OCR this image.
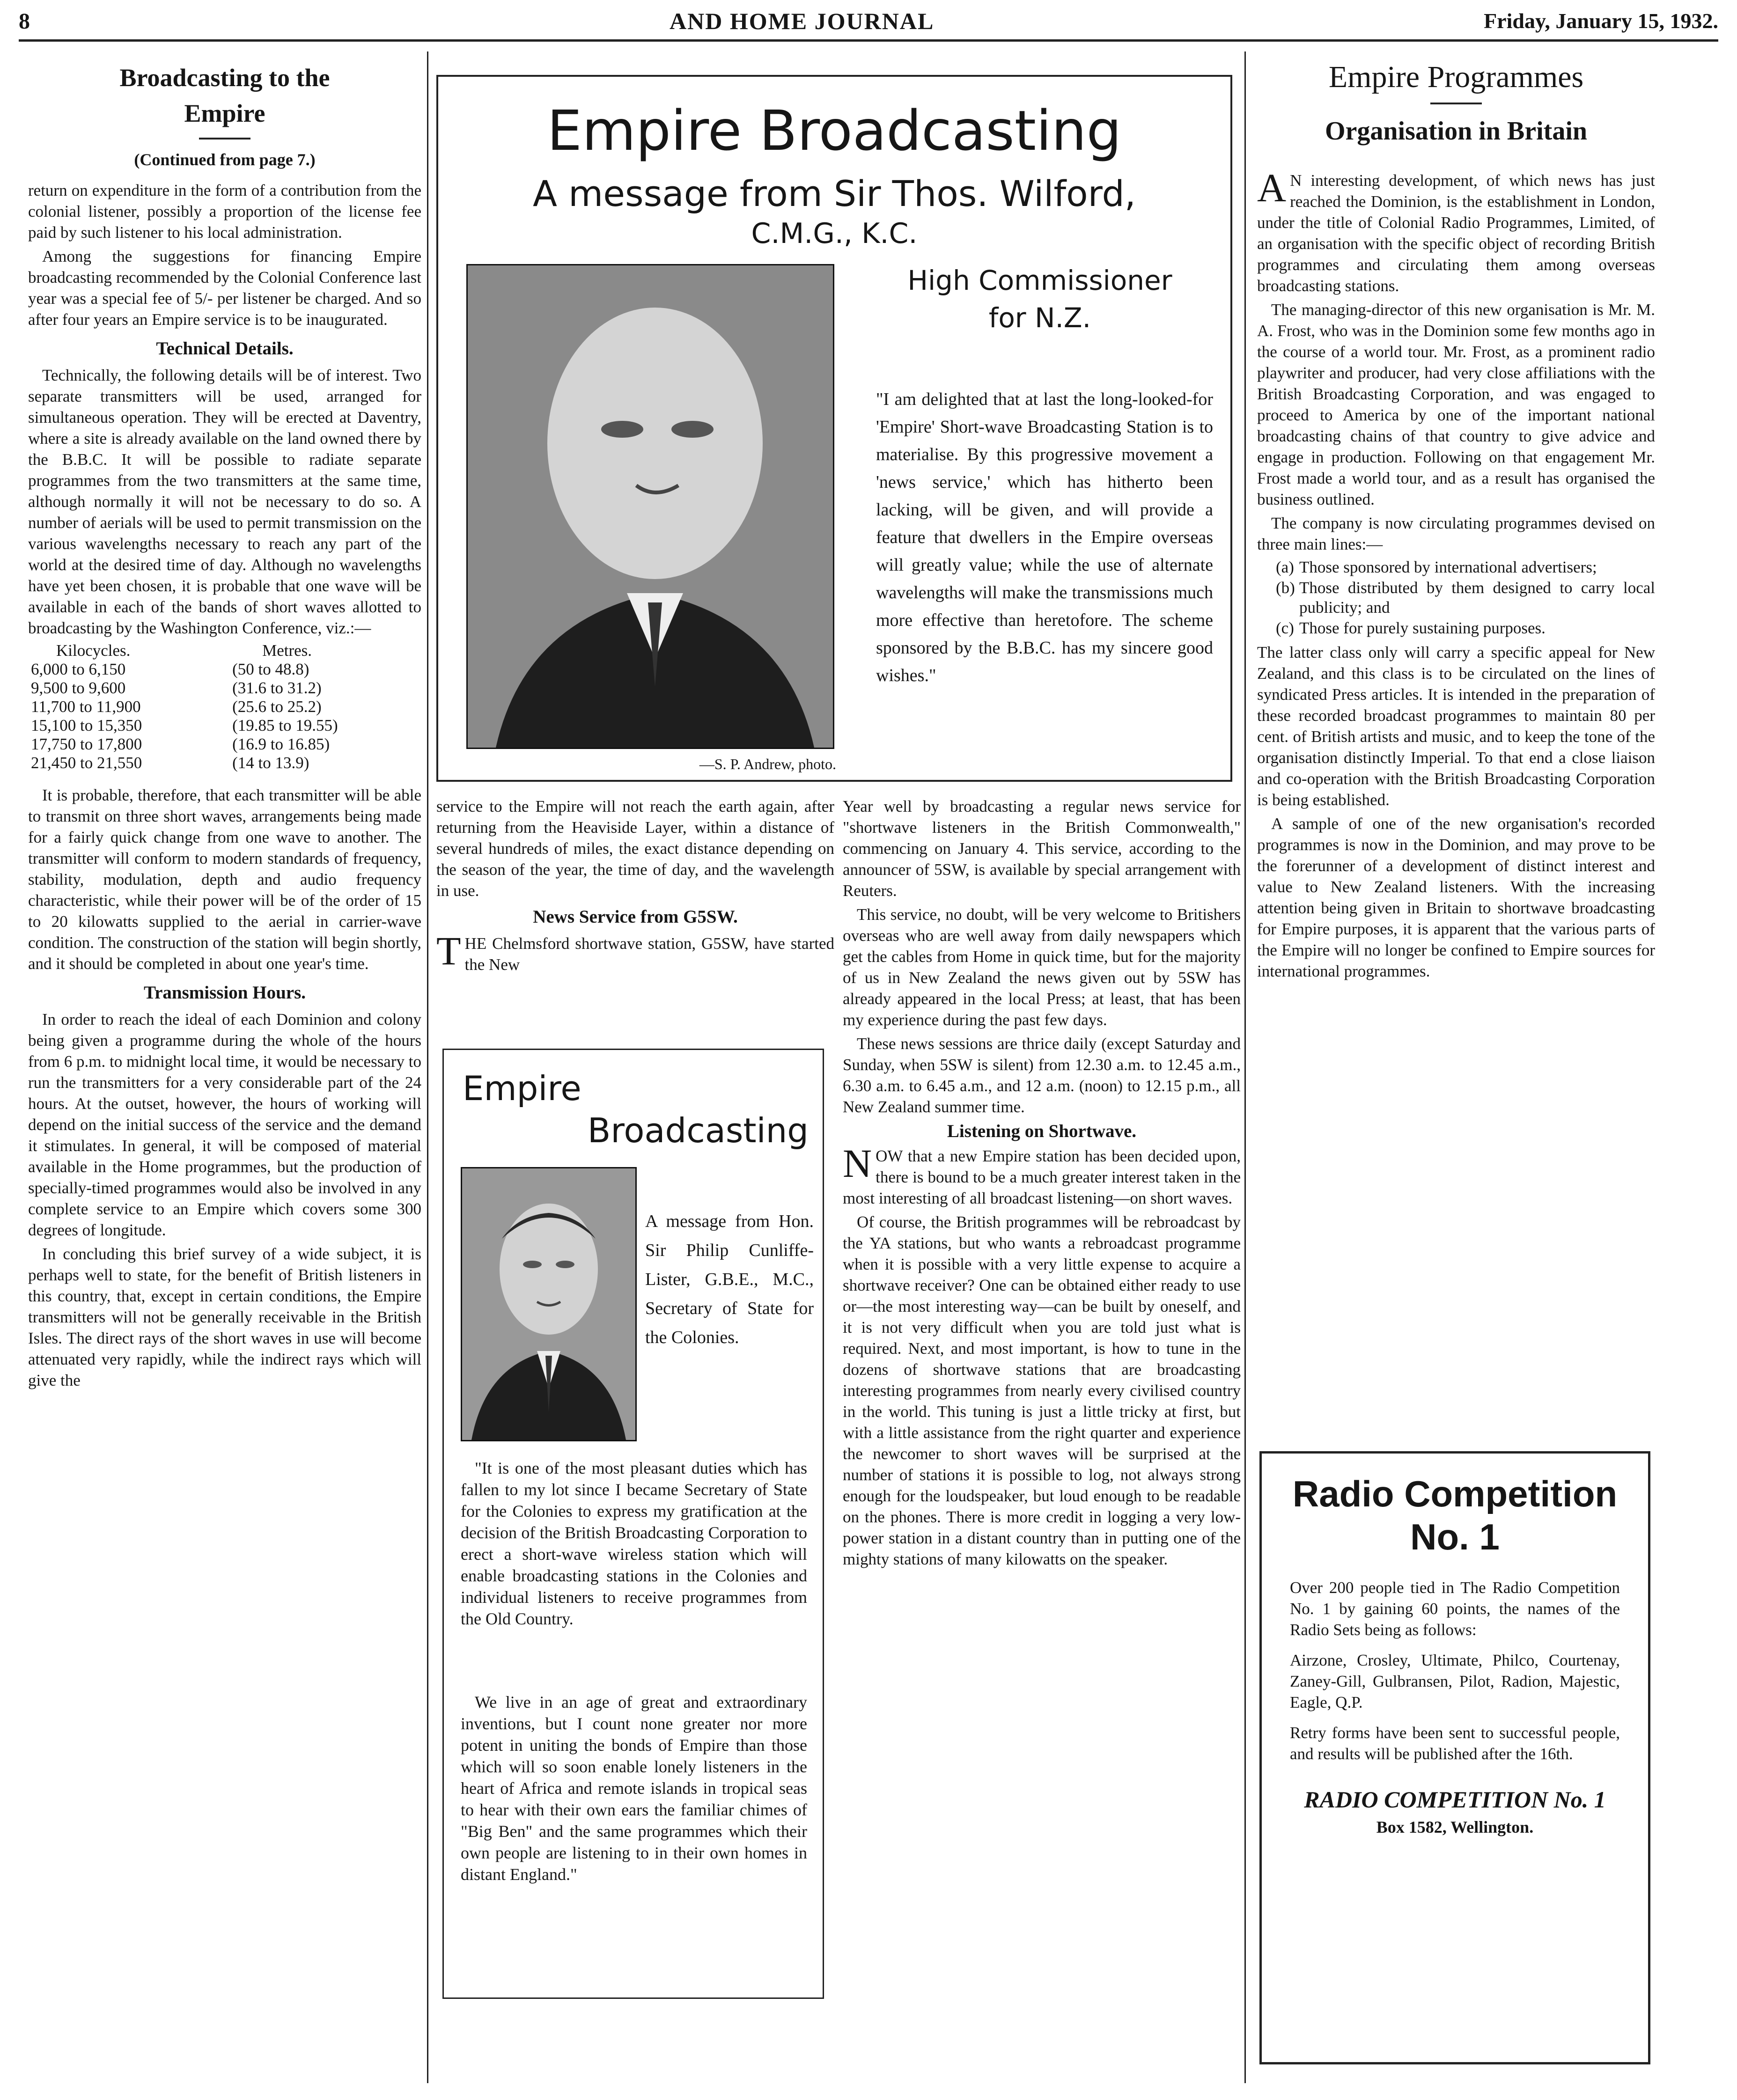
8	AND HOME JOURNAL	Friday, January 15, 1932.
Broadcasting to the Empire
(Continued from page 7.)

return on expenditure in the form of a contribution from the colonial listener, possibly a proportion of the license fee paid by such listener to his local administration.

Among the suggestions for financing Empire broadcasting recommended by the Colonial Conference last year was a special fee of 5/- per listener be charged. And so after four years an Empire service is to be inaugurated.

Technical Details.

Technically, the following details will be of interest. Two separate transmitters will be used, arranged for simultaneous operation. They will be erected at Daventry, where a site is already available on the land owned there by the B.B.C. It will be possible to radiate separate programmes from the two transmitters at the same time, although normally it will not be necessary to do so. A number of aerials will be used to permit transmission on the various wavelengths necessary to reach any part of the world at the desired time of day. Although no wavelengths have yet been chosen, it is probable that one wave will be available in each of the bands of short waves allotted to broadcasting by the Washington Conference, viz.:—

Kilocycles.	Metres.
6,000 to 6,150	(50 to 48.8)
9,500 to 9,600	(31.6 to 31.2)
11,700 to 11,900	(25.6 to 25.2)
15,100 to 15,350	(19.85 to 19.55)
17,750 to 17,800	(16.9 to 16.85)
21,450 to 21,550	(14 to 13.9)

It is probable, therefore, that each transmitter will be able to transmit on three short waves, arrangements being made for a fairly quick change from one wave to another. The transmitter will conform to modern standards of frequency, stability, modulation, depth and audio frequency characteristic, while their power will be of the order of 15 to 20 kilowatts supplied to the aerial in carrier-wave condition. The construction of the station will begin shortly, and it should be completed in about one year's time.

Transmission Hours.

In order to reach the ideal of each Dominion and colony being given a programme during the whole of the hours from 6 p.m. to midnight local time, it would be necessary to run the transmitters for a very considerable part of the 24 hours. At the outset, however, the hours of working will depend on the initial success of the service and the demand it stimulates. In general, it will be composed of material available in the Home programmes, but the production of specially-timed programmes would also be involved in any complete service to an Empire which covers some 300 degrees of longitude.

In concluding this brief survey of a wide subject, it is perhaps well to state, for the benefit of British listeners in this country, that, except in certain conditions, the Empire transmitters will not be generally receivable in the British Isles. The direct rays of the short waves in use will become attenuated very rapidly, while the indirect rays which will give the

Empire Broadcasting
A message from Sir Thos. Wilford,
C.M.G., K.C.
High Commissioner
for N.Z.
—S. P. Andrew, photo.

"I am delighted that at last the long-looked-for 'Empire' Short-wave Broadcasting Station is to materialise. By this progressive movement a 'news service,' which has hitherto been lacking, will be given, and will provide a feature that dwellers in the Empire overseas will greatly value; while the use of alternate wavelengths will make the transmissions much more effective than heretofore. The scheme sponsored by the B.B.C. has my sincere good wishes."

service to the Empire will not reach the earth again, after returning from the Heaviside Layer, within a distance of several hundreds of miles, the exact distance depending on the season of the year, the time of day, and the wavelength in use.

News Service from G5SW.

THE Chelmsford shortwave station, G5SW, have started the New

Empire
Broadcasting

A message from Hon. Sir Philip Cunliffe-Lister, G.B.E., M.C., Secretary of State for the Colonies.

"It is one of the most pleasant duties which has fallen to my lot since I became Secretary of State for the Colonies to express my gratification at the decision of the British Broadcasting Corporation to erect a short-wave wireless station which will enable broadcasting stations in the Colonies and individual listeners to receive programmes from the Old Country.

We live in an age of great and extraordinary inventions, but I count none greater nor more potent in uniting the bonds of Empire than those which will so soon enable lonely listeners in the heart of Africa and remote islands in tropical seas to hear with their own ears the familiar chimes of "Big Ben" and the same programmes which their own people are listening to in their own homes in distant England."

Year well by broadcasting a regular news service for "shortwave listeners in the British Commonwealth," commencing on January 4. This service, according to the announcer of 5SW, is available by special arrangement with Reuters.

This service, no doubt, will be very welcome to Britishers overseas who are well away from daily newspapers which get the cables from Home in quick time, but for the majority of us in New Zealand the news given out by 5SW has already appeared in the local Press; at least, that has been my experience during the past few days.

These news sessions are thrice daily (except Saturday and Sunday, when 5SW is silent) from 12.30 a.m. to 12.45 a.m., 6.30 a.m. to 6.45 a.m., and 12 a.m. (noon) to 12.15 p.m., all New Zealand summer time.

Listening on Shortwave.

NOW that a new Empire station has been decided upon, there is bound to be a much greater interest taken in the most interesting of all broadcast listening—on short waves.

Of course, the British programmes will be rebroadcast by the YA stations, but who wants a rebroadcast programme when it is possible with a very little expense to acquire a shortwave receiver? One can be obtained either ready to use or—the most interesting way—can be built by oneself, and it is not very difficult when you are told just what is required. Next, and most important, is how to tune in the dozens of shortwave stations that are broadcasting interesting programmes from nearly every civilised country in the world. This tuning is just a little tricky at first, but with a little assistance from the right quarter and experience the newcomer to short waves will be surprised at the number of stations it is possible to log, not always strong enough for the loudspeaker, but loud enough to be readable on the phones. There is more credit in logging a very low-power station in a distant country than in putting one of the mighty stations of many kilowatts on the speaker.

Empire Programmes
Organisation in Britain

A N interesting development, of which news has just reached the Dominion, is the establishment in London, under the title of Colonial Radio Programmes, Limited, of an organisation with the specific object of recording British programmes and circulating them among overseas broadcasting stations.

The managing-director of this new organisation is Mr. M. A. Frost, who was in the Dominion some few months ago in the course of a world tour. Mr. Frost, as a prominent radio playwriter and producer, had very close affiliations with the British Broadcasting Corporation, and was engaged to proceed to America by one of the important national broadcasting chains of that country to give advice and engage in production. Following on that engagement Mr. Frost made a world tour, and as a result has organised the business outlined.

The company is now circulating programmes devised on three main lines:—

(a) Those sponsored by international advertisers;
(b) Those distributed by them designed to carry local publicity; and
(c) Those for purely sustaining purposes.

The latter class only will carry a specific appeal for New Zealand, and this class is to be circulated on the lines of syndicated Press articles. It is intended in the preparation of these recorded broadcast programmes to maintain 80 per cent. of British artists and music, and to keep the tone of the organisation distinctly Imperial. To that end a close liaison and co-operation with the British Broadcasting Corporation is being established.

A sample of one of the new organisation's recorded programmes is now in the Dominion, and may prove to be the forerunner of a development of distinct interest and value to New Zealand listeners. With the increasing attention being given in Britain to shortwave broadcasting for Empire purposes, it is apparent that the various parts of the Empire will no longer be confined to Empire sources for international programmes.

Radio Competition
No. 1

Over 200 people tied in The Radio Competition No. 1 by gaining 60 points, the names of the Radio Sets being as follows:

Airzone, Crosley, Ultimate, Philco, Courtenay, Zaney-Gill, Gulbransen, Pilot, Radion, Majestic, Eagle, Q.P.

Retry forms have been sent to successful people, and results will be published after the 16th.

RADIO COMPETITION No. 1
Box 1582, Wellington.
